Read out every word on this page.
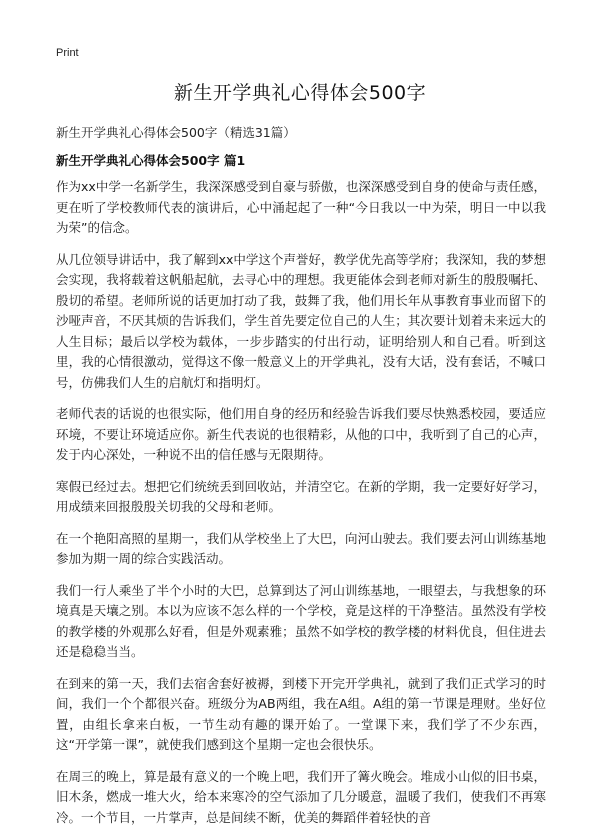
Print
新生开学典礼心得体会500字

新生开学典礼心得体会500字（精选31篇）

新生开学典礼心得体会500字 篇1

作为xx中学一名新学生，我深深感受到自豪与骄傲，也深深感受到自身的使命与责任感，更在听了学校教师代表的演讲后，心中涌起起了一种“今日我以一中为荣，明日一中以我为荣”的信念。

从几位领导讲话中，我了解到xx中学这个声誉好，教学优先高等学府；我深知，我的梦想会实现，我将载着这帆船起航，去寻心中的理想。我更能体会到老师对新生的殷殷嘱托、殷切的希望。老师所说的话更加打动了我，鼓舞了我，他们用长年从事教育事业而留下的沙哑声音，不厌其烦的告诉我们，学生首先要定位自己的人生；其次要计划着未来远大的人生目标；最后以学校为载体，一步步踏实的付出行动，证明给别人和自己看。听到这里，我的心情很激动，觉得这不像一般意义上的开学典礼，没有大话，没有套话，不喊口号，仿佛我们人生的启航灯和指明灯。

老师代表的话说的也很实际，他们用自身的经历和经验告诉我们要尽快熟悉校园，要适应环境，不要让环境适应你。新生代表说的也很精彩，从他的口中，我听到了自己的心声，发于内心深处，一种说不出的信任感与无限期待。

寒假已经过去。想把它们统统丢到回收站，并清空它。在新的学期，我一定要好好学习，用成绩来回报殷殷关切我的父母和老师。

在一个艳阳高照的星期一，我们从学校坐上了大巴，向河山驶去。我们要去河山训练基地参加为期一周的综合实践活动。

我们一行人乘坐了半个小时的大巴，总算到达了河山训练基地，一眼望去，与我想象的环境真是天壤之别。本以为应该不怎么样的一个学校，竟是这样的干净整洁。虽然没有学校的教学楼的外观那么好看，但是外观素雅；虽然不如学校的教学楼的材料优良，但住进去还是稳稳当当。

在到来的第一天，我们去宿舍套好被褥，到楼下开完开学典礼，就到了我们正式学习的时间，我们一个个都很兴奋。班级分为AB两组，我在A组。A组的第一节课是理财。坐好位置，由组长拿来白板，一节生动有趣的课开始了。一堂课下来，我们学了不少东西，这“开学第一课”，就使我们感到这个星期一定也会很快乐。

在周三的晚上，算是最有意义的一个晚上吧，我们开了篝火晚会。堆成小山似的旧书桌，旧木条，燃成一堆大火，给本来寒冷的空气添加了几分暖意，温暖了我们，使我们不再寒冷。一个节目，一片掌声，总是间续不断，优美的舞蹈伴着轻快的音
